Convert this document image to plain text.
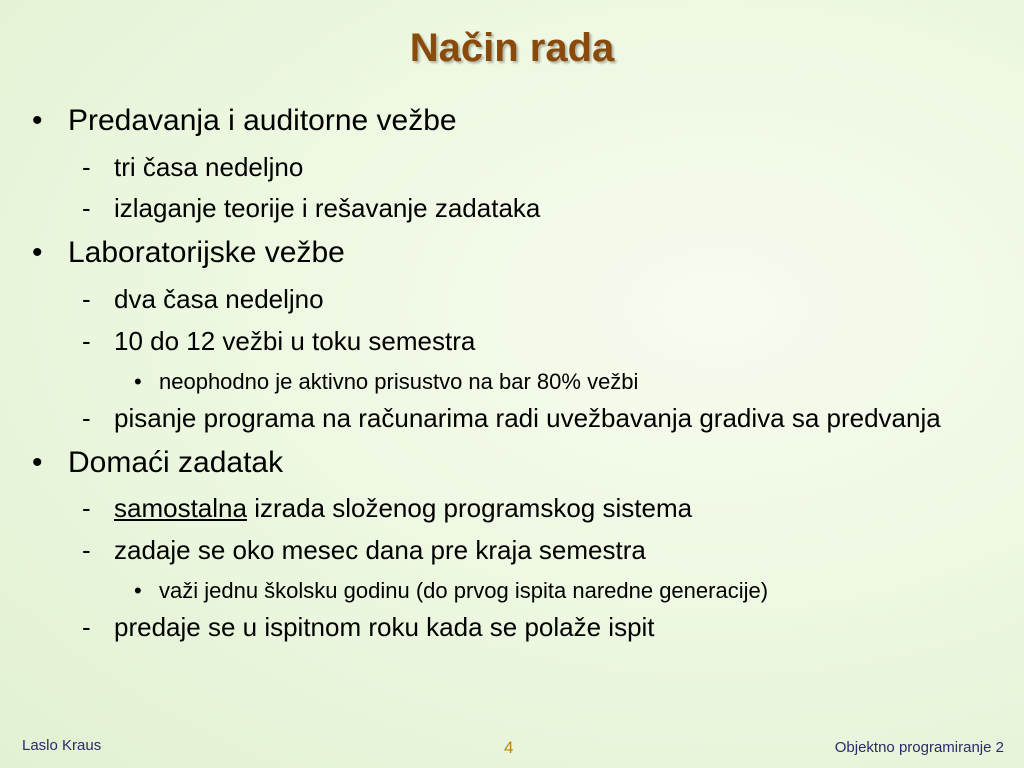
Način rada
• Predavanja i auditorne vežbe
- tri časa nedeljno
- izlaganje teorije i rešavanje zadataka
• Laboratorijske vežbe
- dva časa nedeljno
- 10 do 12 vežbi u toku semestra
• neophodno je aktivno prisustvo na bar 80% vežbi
- pisanje programa na računarima radi uvežbavanja gradiva sa predvanja
• Domaći zadatak
- samostalna izrada složenog programskog sistema
- zadaje se oko mesec dana pre kraja semestra
• važi jednu školsku godinu (do prvog ispita naredne generacije)
- predaje se u ispitnom roku kada se polaže ispit
Laslo Kraus	4	Objektno programiranje 2
